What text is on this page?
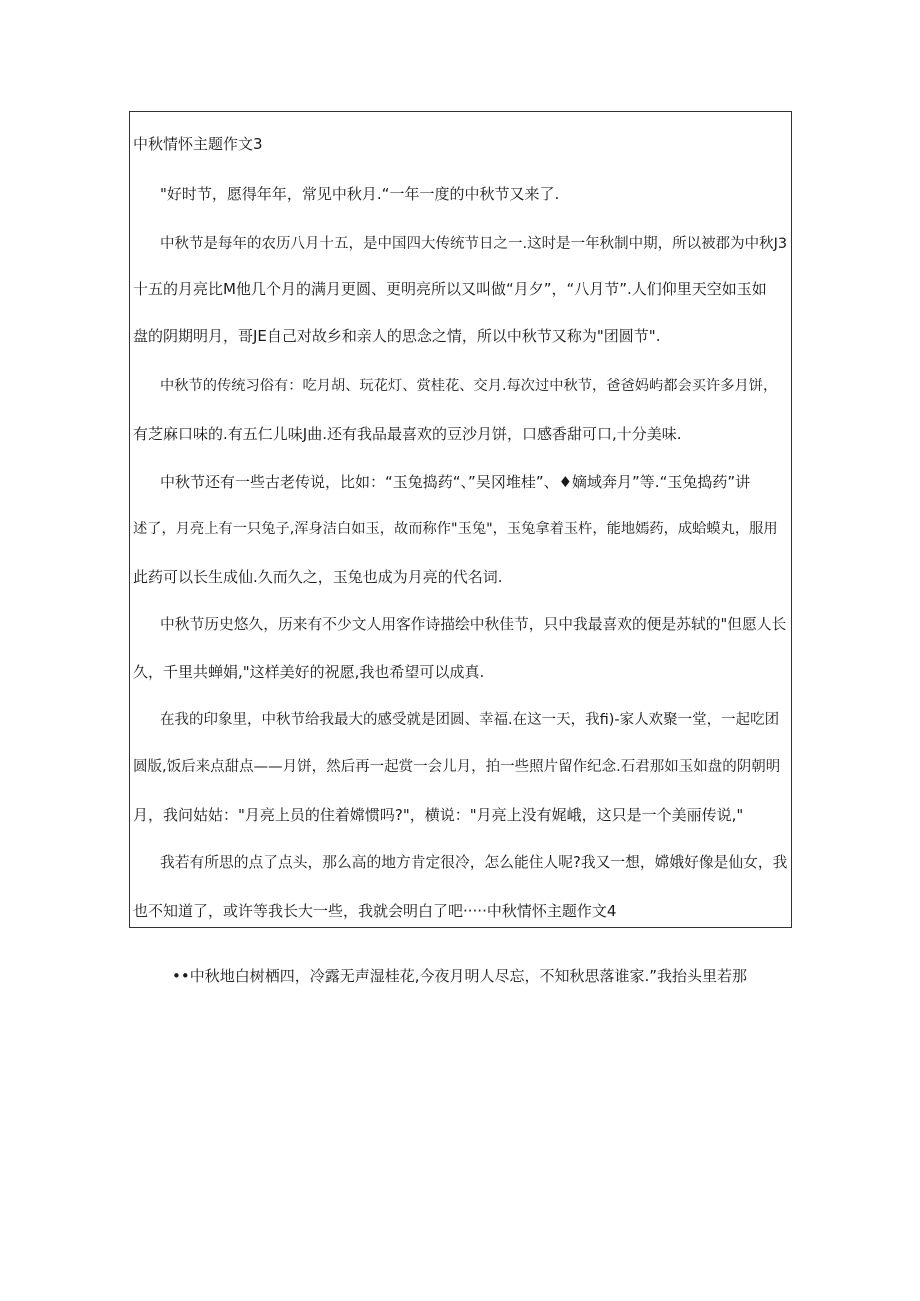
中秋情怀主题作文3
"好时节，愿得年年，常见中秋月.“一年一度的中秋节又来了.
中秋节是每年的农历八月十五，是中国四大传统节日之一.这时是一年秋制中期，所以被郡为中秋J3
十五的月亮比M他几个月的满月更圆、更明亮所以又叫做“月夕”，“八月节”.人们仰里天空如玉如
盘的阴期明月，哥JE自己对故乡和亲人的思念之情，所以中秋节又称为"团圆节".
中秋节的传统习俗有：吃月胡、玩花灯、赏桂花、交月.每次过中秋节，爸爸妈屿都会买许多月饼，
有芝麻口味的.有五仁儿味J曲.还有我品最喜欢的豆沙月饼，口感香甜可口,十分美味.
中秋节还有一些古老传说，比如：“玉兔捣药“、”吴冈堆桂”、♦嫡域奔月”等.“玉兔捣药”讲
述了，月亮上有一只兔子,浑身洁白如玉，故而称作"玉兔"，玉兔拿着玉杵，能地嫣药，成蛤蟆丸，服用
此药可以长生成仙.久而久之，玉兔也成为月亮的代名词.
中秋节历史悠久，历来有不少文人用客作诗描绘中秋佳节，只中我最喜欢的便是苏轼的"但愿人长
久，千里共蝉娟,"这样美好的祝愿,我也希望可以成真.
在我的印象里，中秋节给我最大的感受就是团圆、幸福.在这一天，我fi)-家人欢聚一堂，一起吃团
圆版,饭后来点甜点——月饼，然后再一起赏一会儿月，拍一些照片留作纪念.石君那如玉如盘的阴朝明
月，我问姑姑："月亮上员的住着嫦惯吗?"，横说："月亮上没有娓峨，这只是一个美丽传说,"
我若有所思的点了点头，那么高的地方肯定很冷，怎么能住人呢?我又一想，嫦娥好像是仙女，我
也不知道了，或许等我长大一些，我就会明白了吧·····中秋情怀主题作文4
••中秋地白树栖四，冷露无声湿桂花,今夜月明人尽忘，不知秋思落谁家.”我抬头里若那
